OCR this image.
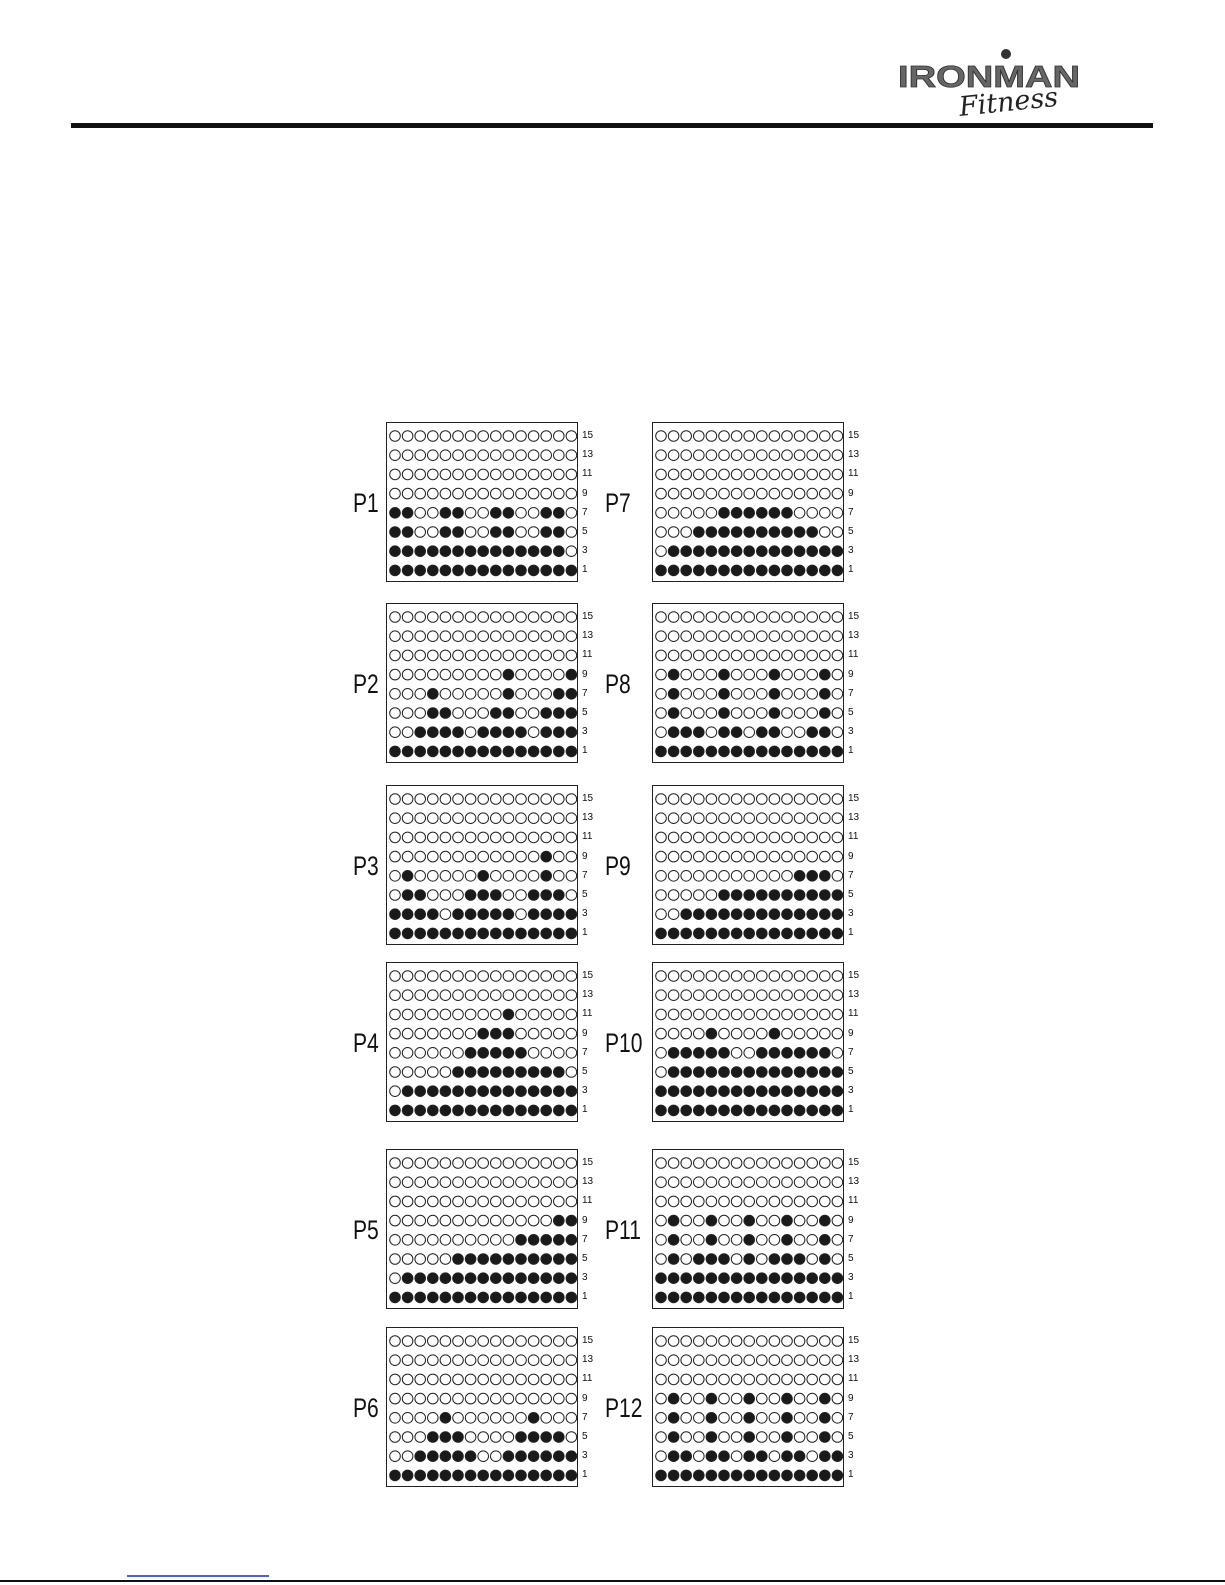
IRONMAN
Fitness
P1
15
13
11
9
7
5
3
1
P2
15
13
11
9
7
5
3
1
P3
15
13
11
9
7
5
3
1
P4
15
13
11
9
7
5
3
1
P5
15
13
11
9
7
5
3
1
P6
15
13
11
9
7
5
3
1
P7
15
13
11
9
7
5
3
1
P8
15
13
11
9
7
5
3
1
P9
15
13
11
9
7
5
3
1
P10
15
13
11
9
7
5
3
1
P11
15
13
11
9
7
5
3
1
P12
15
13
11
9
7
5
3
1
